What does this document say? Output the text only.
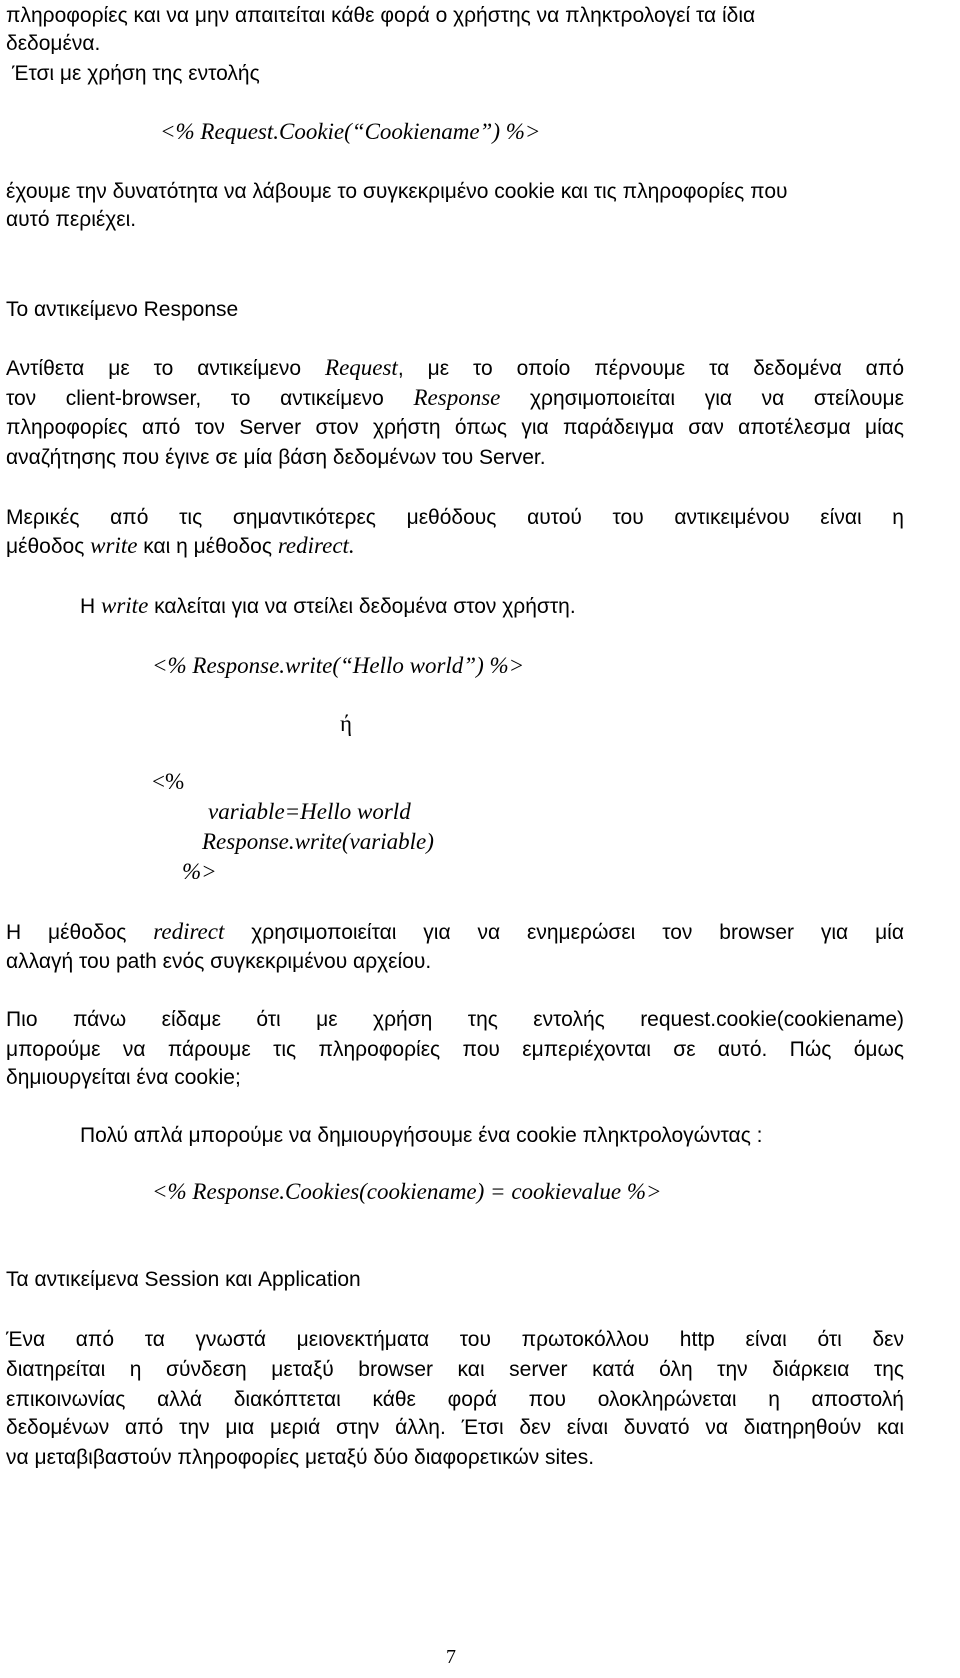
πληροφορίες και να μην απαιτείται κάθε φορά ο χρήστης να πληκτρολογεί τα ίδια
δεδομένα.
Έτσι με χρήση της εντολής
<% Request.Cookie(“Cookiename”) %>
έχουμε την δυνατότητα να λάβουμε το συγκεκριμένο cookie και τις πληροφορίες που
αυτό περιέχει.
Το αντικείμενο Response
Αντίθετα με το αντικείμενο Request, με το οποίο πέρνουμε τα δεδομένα από
τον client-browser, το αντικείμενο Response χρησιμοποιείται για να στείλουμε
πληροφορίες από τον Server στον χρήστη όπως για παράδειγμα σαν αποτέλεσμα μίας
αναζήτησης που έγινε σε μία βάση δεδομένων του Server.
Μερικές από τις σημαντικότερες μεθόδους αυτού του αντικειμένου είναι η
μέθοδος write και η μέθοδος redirect.
Η write καλείται για να στείλει δεδομένα στον χρήστη.
<% Response.write(“Hello world”) %>
ή
<%
variable=Hello world
Response.write(variable)
%>
Η μέθοδος redirect χρησιμοποιείται για να ενημερώσει τον browser για μία
αλλαγή του path ενός συγκεκριμένου αρχείου.
Πιο πάνω είδαμε ότι με χρήση της εντολής request.cookie(cookiename)
μπορούμε να πάρουμε τις πληροφορίες που εμπεριέχονται σε αυτό. Πώς όμως
δημιουργείται ένα cookie;
Πολύ απλά μπορούμε να δημιουργήσουμε ένα cookie πληκτρολογώντας :
<% Response.Cookies(cookiename) = cookievalue %>
Τα αντικείμενα Session και Application
Ένα από τα γνωστά μειονεκτήματα του πρωτοκόλλου http είναι ότι δεν
διατηρείται η σύνδεση μεταξύ browser και server κατά όλη την διάρκεια της
επικοινωνίας αλλά διακόπτεται κάθε φορά που ολοκληρώνεται η αποστολή
δεδομένων από την μια μεριά στην άλλη. Έτσι δεν είναι δυνατό να διατηρηθούν και
να μεταβιβαστούν πληροφορίες μεταξύ δύο διαφορετικών sites.
7
